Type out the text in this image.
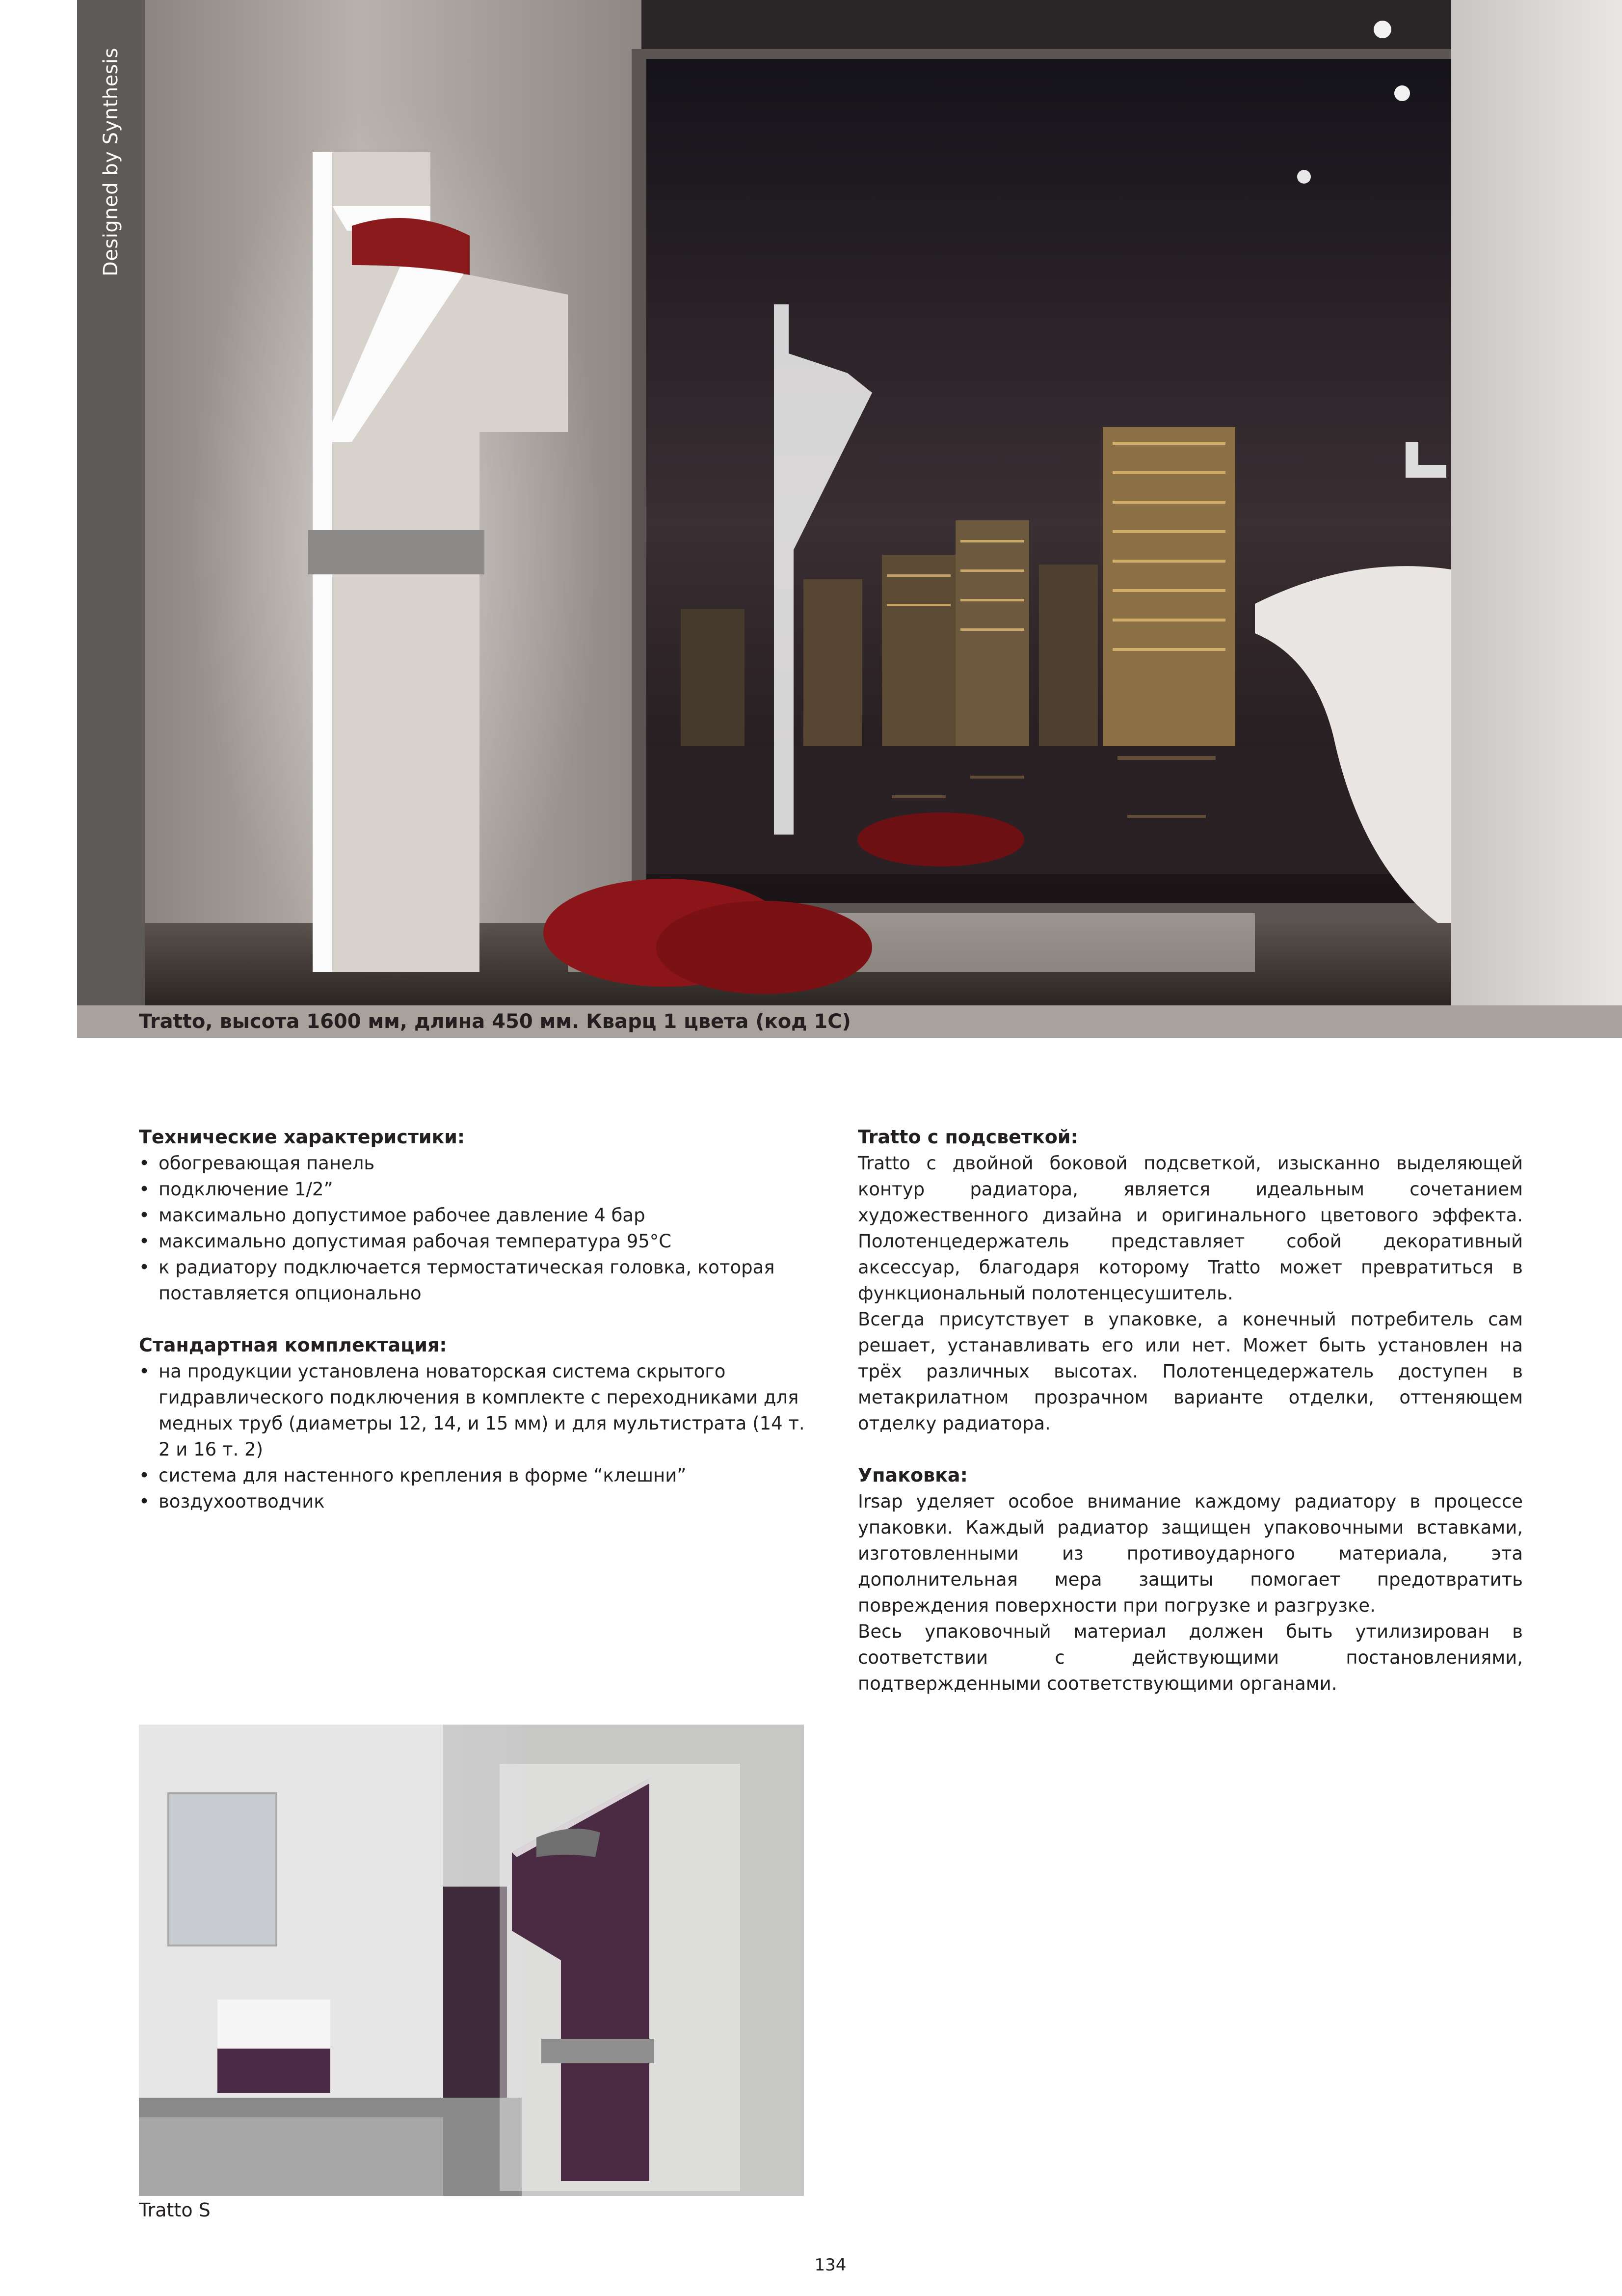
Designed by Synthesis
Tratto, высота 1600 мм, длина 450 мм. Кварц 1 цвета (код 1C)

Технические характеристики:

• обогревающая панель
• подключение 1/2”
• максимально допустимое рабочее давление 4 бар
• максимально допустимая рабочая температура 95°C
• к радиатору подключается термостатическая головка, которая поставляется опционально

Стандартная комплектация:

• на продукции установлена новаторская система скрытого гидравлического подключения в комплекте с переходниками для медных труб (диаметры 12, 14, и 15 мм) и для мультистрата (14 т. 2 и 16 т. 2)
• система для настенного крепления в форме “клешни”
• воздухоотводчик

Tratto с подсветкой:

Tratto с двойной боковой подсветкой, изысканно выделяющей контур радиатора, является идеальным сочетанием художественного дизайна и оригинального цветового эффекта. Полотенцедержатель представляет собой декоративный аксессуар, благодаря которому Tratto может превратиться в функциональный полотенцесушитель.

Всегда присутствует в упаковке, а конечный потребитель сам решает, устанавливать его или нет. Может быть установлен на трёх различных высотах. Полотенцедержатель доступен в метакрилатном прозрачном варианте отделки, оттеняющем отделку радиатора.

Упаковка:

Irsap уделяет особое внимание каждому радиатору в процессе упаковки. Каждый радиатор защищен упаковочными вставками, изготовленными из противоударного материала, эта дополнительная мера защиты помогает предотвратить повреждения поверхности при погрузке и разгрузке.

Весь упаковочный материал должен быть утилизирован в соответствии с действующими постановлениями, подтвержденными соответствующими органами.

Tratto S
134
